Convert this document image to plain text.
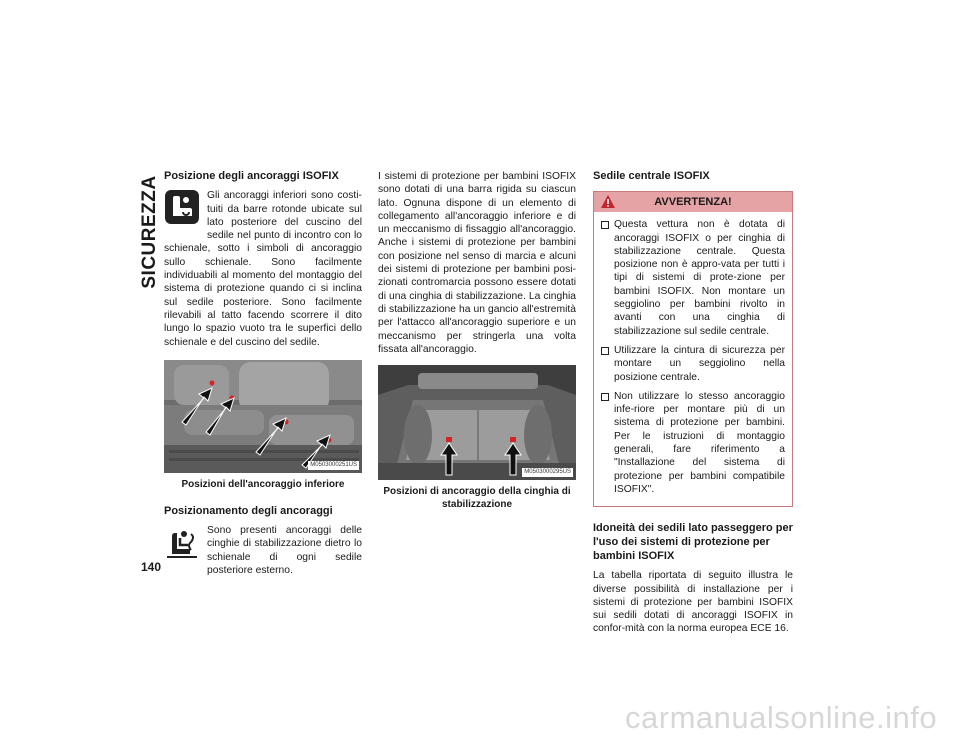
SICUREZZA
140
Posizione degli ancoraggi ISOFIX

Gli ancoraggi inferiori sono costi-tuiti da barre rotonde ubicate sul lato posteriore del cuscino del sedile nel punto di incontro con lo schienale, sotto i simboli di ancoraggio sullo schienale. Sono facilmente individuabili al momento del montaggio del sistema di protezione quando ci si inclina sul sedile posteriore. Sono facilmente rilevabili al tatto facendo scorrere il dito lungo lo spazio vuoto tra le superfici dello schienale e del cuscino del sedile.

M0503000251US
Posizioni dell'ancoraggio inferiore
Posizionamento degli ancoraggi

Sono presenti ancoraggi delle cinghie di stabilizzazione dietro lo schienale di ogni sedile posteriore esterno.

I sistemi di protezione per bambini ISOFIX sono dotati di una barra rigida su ciascun lato. Ognuna dispone di un elemento di collegamento all'ancoraggio inferiore e di un meccanismo di fissaggio all'ancoraggio. Anche i sistemi di protezione per bambini con posizione nel senso di marcia e alcuni dei sistemi di protezione per bambini posi-zionati contromarcia possono essere dotati di una cinghia di stabilizzazione. La cinghia di stabilizzazione ha un gancio all'estremità per l'attacco all'ancoraggio superiore e un meccanismo per stringerla una volta fissata all'ancoraggio.

M0503000295US
Posizioni di ancoraggio della cinghia di stabilizzazione
Sedile centrale ISOFIX
AVVERTENZA!
Questa vettura non è dotata di ancoraggi ISOFIX o per cinghia di stabilizzazione centrale. Questa posizione non è appro-vata per tutti i tipi di sistemi di prote-zione per bambini ISOFIX. Non montare un seggiolino per bambini rivolto in avanti con una cinghia di stabilizzazione sul sedile centrale.
Utilizzare la cintura di sicurezza per montare un seggiolino nella posizione centrale.
Non utilizzare lo stesso ancoraggio infe-riore per montare più di un sistema di protezione per bambini. Per le istruzioni di montaggio generali, fare riferimento a "Installazione del sistema di protezione per bambini compatibile ISOFIX".
Idoneità dei sedili lato passeggero per l'uso dei sistemi di protezione per bambini ISOFIX

La tabella riportata di seguito illustra le diverse possibilità di installazione per i sistemi di protezione per bambini ISOFIX sui sedili dotati di ancoraggi ISOFIX in confor-mità con la norma europea ECE 16.

carmanualsonline.info
